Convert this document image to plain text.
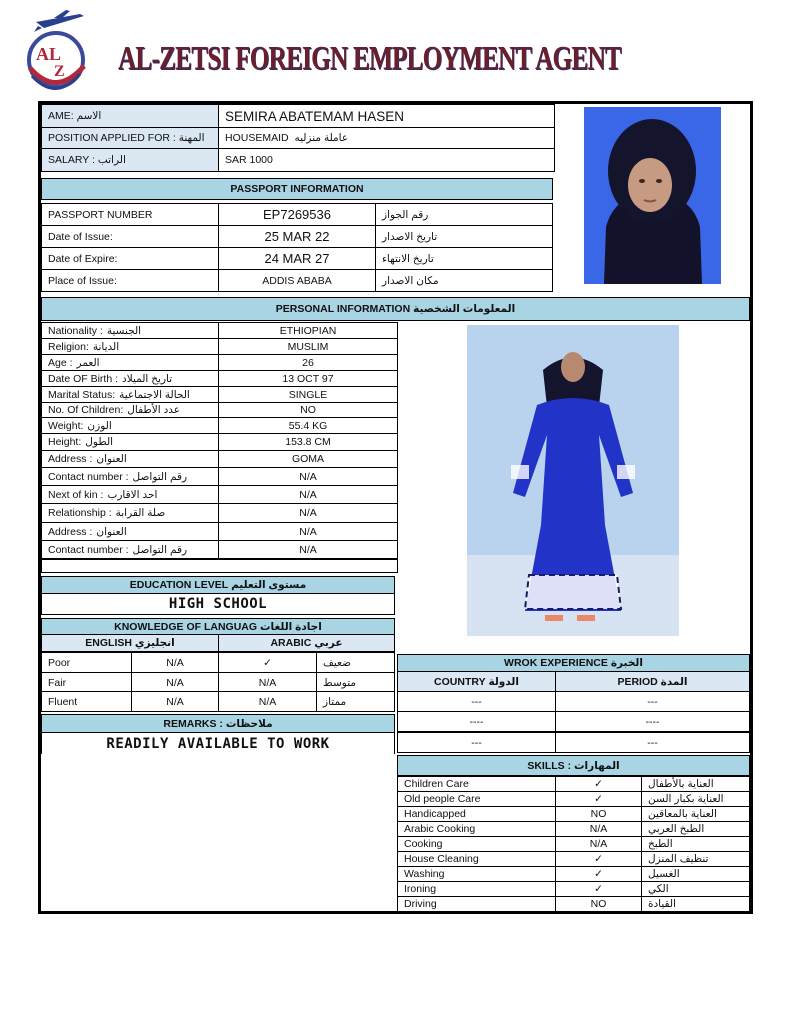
AL
Z AL-ZETSI FOREIGN EMPLOYMENT AGENT
AME:
الاسم	SEMIRA ABATEMAM HASEN
POSITION APPLIED FOR :
المهنة HOUSEMAID
عاملة منزليه
SALARY :
الراتب	SAR 1000
PASSPORT INFORMATION
PASSPORT NUMBER	EP7269536	رقم الجواز
Date of Issue:	25 MAR 22	تاريخ الاصدار
Date of Expire:	24 MAR 27	تاريخ الانتهاء
Place of Issue:	ADDIS ABABA	مكان الاصدار
PERSONAL INFORMATION
المعلومات الشخصية
Nationality : الجنسية	ETHIOPIAN
Religion: الديانة	MUSLIM
Age : العمر	26
Date OF Birth : تاريخ الميلاد	13 OCT 97
Marital Status: الحالة الاجتماعية	SINGLE
No. Of Children: عدد الأطفال	NO
Weight: الوزن	55.4 KG
Height: الطول	153.8 CM
Address : العنوان	GOMA
Contact number : رقم التواصل	N/A
Next of kin : احد الاقارب	N/A
Relationship : صلة القرابة	N/A
Address : العنوان	N/A
Contact number : رقم التواصل	N/A
EDUCATION LEVEL
مستوى التعليم
HIGH SCHOOL
KNOWLEDGE OF LANGUAG
اجادة اللغات
ENGLISH
انجليزي	ARABIC
عربي
Poor	N/A	✓	ضعيف
Fair	N/A	N/A	متوسط
Fluent	N/A	N/A	ممتاز
REMARKS :
ملاحظات
READILY AVAILABLE TO WORK
WROK EXPERIENCE
الخبرة
COUNTRY
الدولة	PERIOD
المدة
---	---
----	----
---	---
SKILLS :
المهارات
Children Care	✓	العناية بالأطفال
Old people Care	✓	العناية بكبار السن
Handicapped	NO	العناية بالمعاقين
Arabic Cooking	N/A	الطبخ العربي
Cooking	N/A	الطبخ
House Cleaning	✓	تنظيف المنزل
Washing	✓	الغسيل
Ironing	✓	الكي
Driving	NO	القيادة
